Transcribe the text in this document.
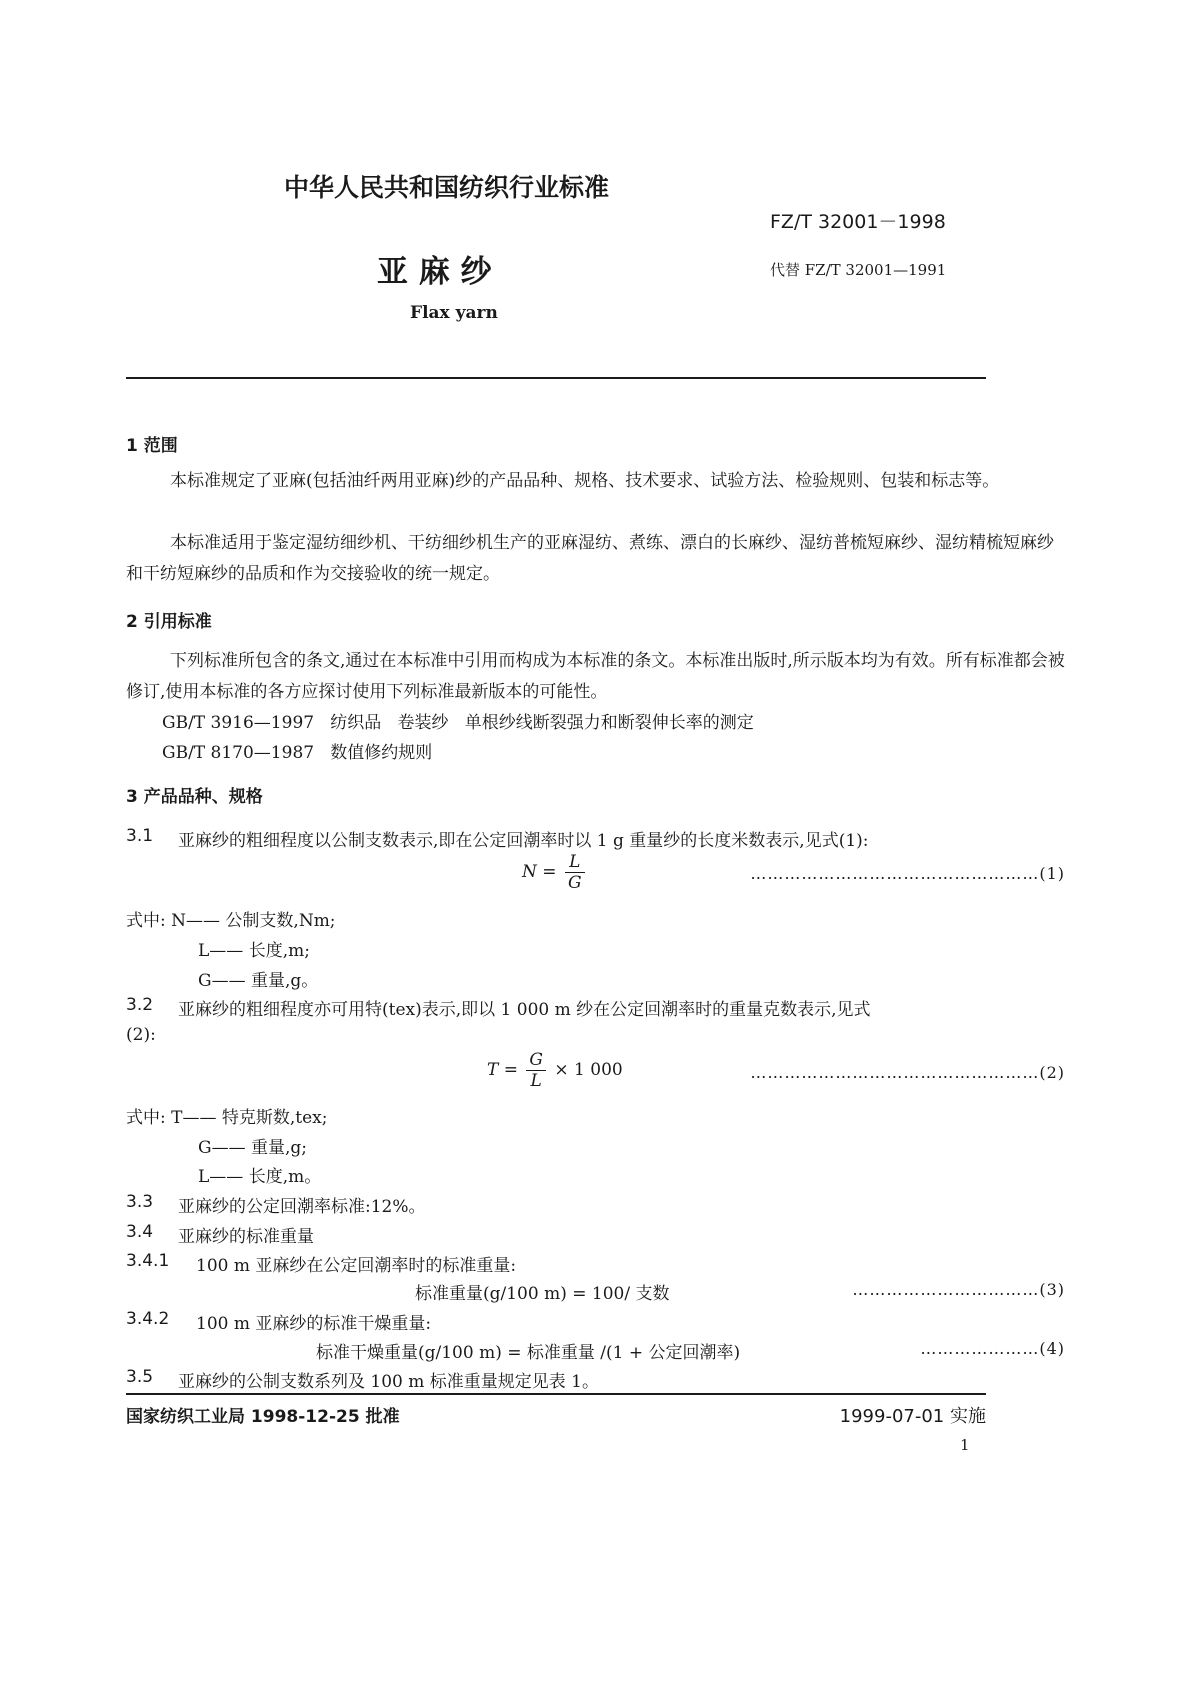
中华人民共和国纺织行业标准
FZ/T 32001－1998
亚 麻 纱	代替 FZ/T 32001—1991
Flax yarn
1 范围
本标准规定了亚麻(包括油纤两用亚麻)纱的产品品种、规格、技术要求、试验方法、检验规则、包装和标志等。
本标准适用于鉴定湿纺细纱机、干纺细纱机生产的亚麻湿纺、煮练、漂白的长麻纱、湿纺普梳短麻纱、湿纺精梳短麻纱和干纺短麻纱的品质和作为交接验收的统一规定。
2 引用标准
下列标准所包含的条文,通过在本标准中引用而构成为本标准的条文。本标准出版时,所示版本均为有效。所有标准都会被修订,使用本标准的各方应探讨使用下列标准最新版本的可能性。
GB/T 3916—1997   纺织品   卷装纱   单根纱线断裂强力和断裂伸长率的测定
GB/T 8170—1987   数值修约规则
3 产品品种、规格
3.1 亚麻纱的粗细程度以公制支数表示,即在公定回潮率时以 1 g 重量纱的长度米数表示,见式(1):
$N = \frac{L}{G}$	……………………………………………(1)
式中: N—— 公制支数,Nm;
L—— 长度,m;
G—— 重量,g。
3.2 亚麻纱的粗细程度亦可用特(tex)表示,即以 1 000 m 纱在公定回潮率时的重量克数表示,见式
(2):
$T = \frac{G}{L} \times 1$ 000	……………………………………………(2)
式中: T—— 特克斯数,tex;
G—— 重量,g;
L—— 长度,m。
3.3 亚麻纱的公定回潮率标准:12%。
3.4 亚麻纱的标准重量
3.4.1 100 m 亚麻纱在公定回潮率时的标准重量:
标准重量(g/100 m) = 100/ 支数	……………………………(3)
3.4.2 100 m 亚麻纱的标准干燥重量:
标准干燥重量(g/100 m) = 标准重量 /(1 + 公定回潮率)	…………………(4)
3.5 亚麻纱的公制支数系列及 100 m 标准重量规定见表 1。
国家纺织工业局 1998-12-25 批准	1999-07-01 实施
1
